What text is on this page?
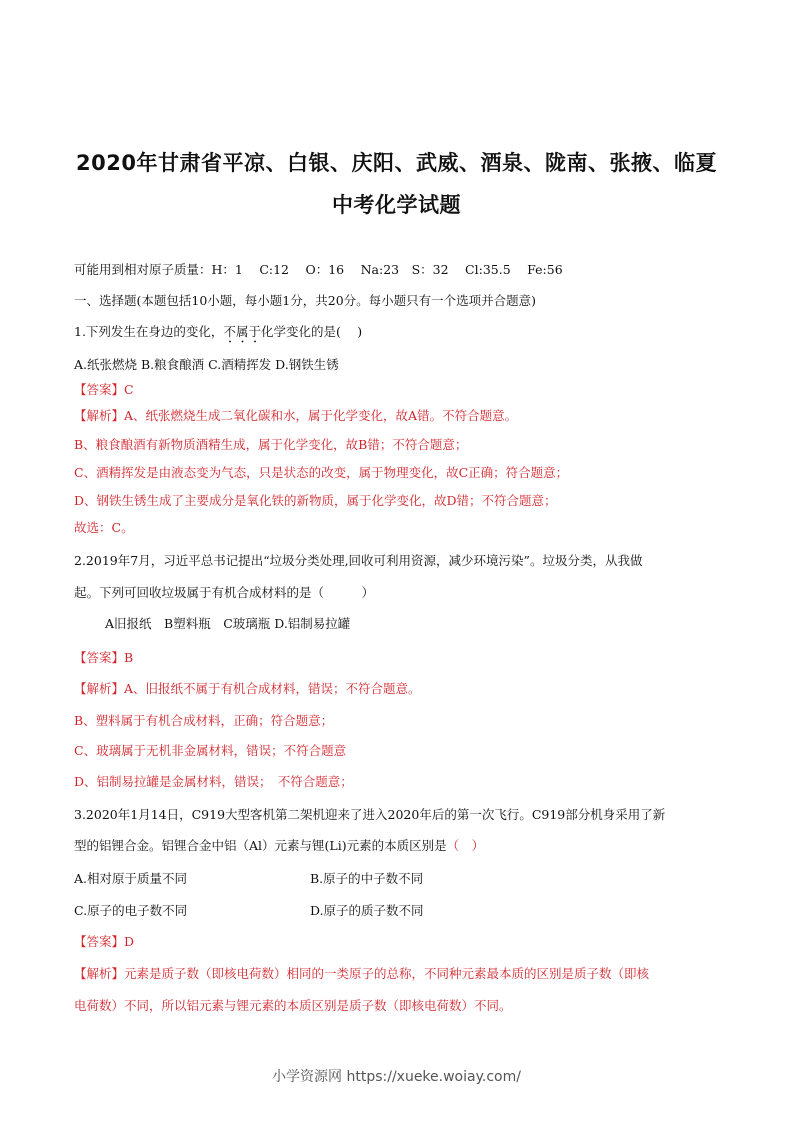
2020年甘肃省平凉、白银、庆阳、武威、酒泉、陇南、张掖、临夏
中考化学试题
可能用到相对原子质量：H：1　 C:12　 O：16　 Na:23　S：32　 Cl:35.5　 Fe:56
一、选择题(本题包括10小题，每小题1分，共20分。每小题只有一个选项并合题意)
1.下列发生在身边的变化，不属于化学变化的是(　 )
A.纸张燃烧 B.粮食酿酒 C.酒精挥发 D.钢铁生锈
【答案】C
【解析】A、纸张燃烧生成二氧化碳和水，属于化学变化，故A错。不符合题意。
B、粮食酿酒有新物质酒精生成，属于化学变化，故B错；不符合题意；
C、酒精挥发是由液态变为气态，只是状态的改变，属于物理变化，故C正确；符合题意；
D、钢铁生锈生成了主要成分是氧化铁的新物质，属于化学变化，故D错；不符合题意；
故选：C。
2.2019年7月，习近平总书记提出“垃圾分类处理,回收可利用资源，减少环境污染”。垃圾分类，从我做
起。下列可回收垃圾属于有机合成材料的是（　　　）
A旧报纸　B塑料瓶　C玻璃瓶 D.铝制易拉罐
【答案】B
【解析】A、旧报纸不属于有机合成材料，错误；不符合题意。
B、塑料属于有机合成材料，正确；符合题意；
C、玻璃属于无机非金属材料，错误；不符合题意
D、铝制易拉罐是金属材料，错误；　不符合题意；
3.2020年1月14日，C919大型客机第二架机迎来了进入2020年后的第一次飞行。C919部分机身采用了新
型的铝锂合金。铝锂合金中铝（Al）元素与锂(Li)元素的本质区别是（　）
A.相对原于质量不同	B.原子的中子数不同
C.原子的电子数不同	D.原子的质子数不同
【答案】D
【解析】元素是质子数（即核电荷数）相同的一类原子的总称，不同种元素最本质的区别是质子数（即核
电荷数）不同，所以铝元素与锂元素的本质区别是质子数（即核电荷数）不同。
小学资源网 https://xueke.woiay.com/
